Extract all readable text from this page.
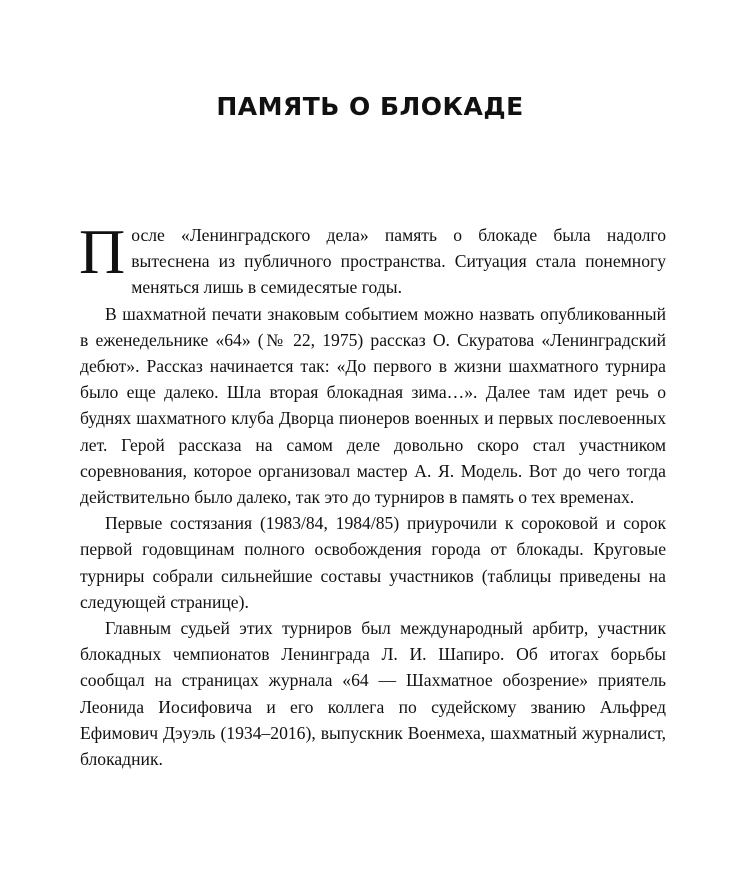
ПАМЯТЬ О БЛОКАДЕ

После «Ленинградского дела» память о блокаде была надолго вытеснена из публичного пространства. Ситуация стала понемногу меняться лишь в семидесятые годы.

В шахматной печати знаковым событием можно назвать опубликованный в еженедельнике «64» (№ 22, 1975) рассказ О. Скуратова «Ленинградский дебют». Рассказ начинается так: «До первого в жизни шахматного турнира было еще далеко. Шла вторая блокадная зима…». Далее там идет речь о буднях шахматного клуба Дворца пионеров военных и первых послевоенных лет. Герой рассказа на самом деле довольно скоро стал участником соревнования, которое организовал мастер А. Я. Модель. Вот до чего тогда действительно было далеко, так это до турниров в память о тех временах.

Первые состязания (1983/84, 1984/85) приурочили к сороковой и сорок первой годовщинам полного освобождения города от блокады. Круговые турниры собрали сильнейшие составы участников (таблицы приведены на следующей странице).

Главным судьей этих турниров был международный арбитр, участник блокадных чемпионатов Ленинграда Л. И. Шапиро. Об итогах борьбы сообщал на страницах журнала «64 — Шахматное обозрение» приятель Леонида Иосифовича и его коллега по судейскому званию Альфред Ефимович Дэуэль (1934–2016), выпускник Военмеха, шахматный журналист, блокадник.
